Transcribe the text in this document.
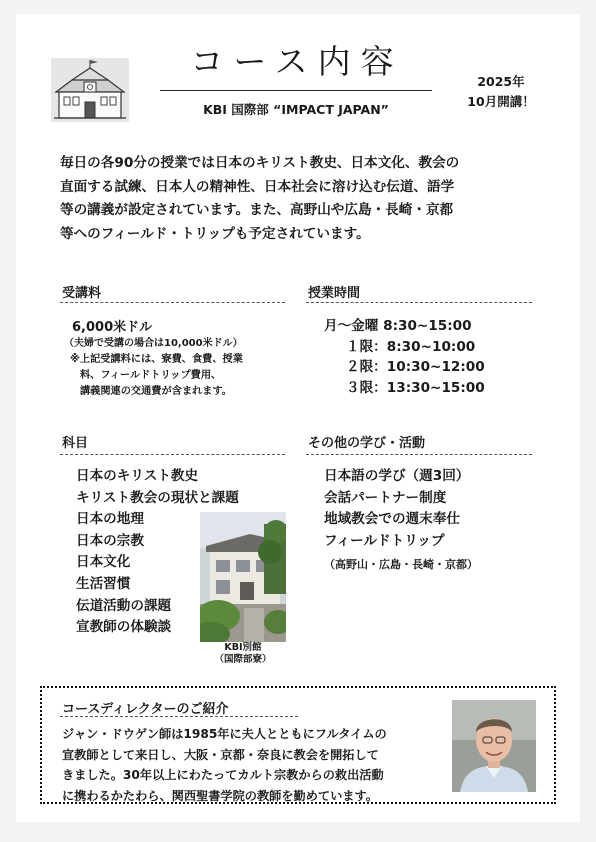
コース内容
KBI 国際部 “IMPACT JAPAN”
2025年
10月開講！
毎日の各90分の授業では日本のキリスト教史、日本文化、教会の
直面する試練、日本人の精神性、日本社会に溶け込む伝道、語学
等の講義が設定されています。また、高野山や広島・長崎・京都
等へのフィールド・トリップも予定されています。
受講料
6,000米ドル
（夫婦で受講の場合は10,000米ドル）
※上記受講料には、寮費、食費、授業
料、フィールドトリップ費用、
講義関連の交通費が含まれます。
授業時間
月～金曜 8:30~15:00
１限：8:30~10:00
２限：10:30~12:00
３限：13:30~15:00
科目
日本のキリスト教史
キリスト教会の現状と課題
日本の地理
日本の宗教
日本文化
生活習慣
伝道活動の課題
宣教師の体験談
KBI別館
（国際部寮）
その他の学び・活動
日本語の学び（週3回）
会話パートナー制度
地域教会での週末奉仕
フィールドトリップ
（高野山・広島・長崎・京都）
コースディレクターのご紹介
ジャン・ドウゲン師は1985年に夫人とともにフルタイムの
宣教師として来日し、大阪・京都・奈良に教会を開拓して
きました。30年以上にわたってカルト宗教からの救出活動
に携わるかたわら、関西聖書学院の教師を勤めています。
